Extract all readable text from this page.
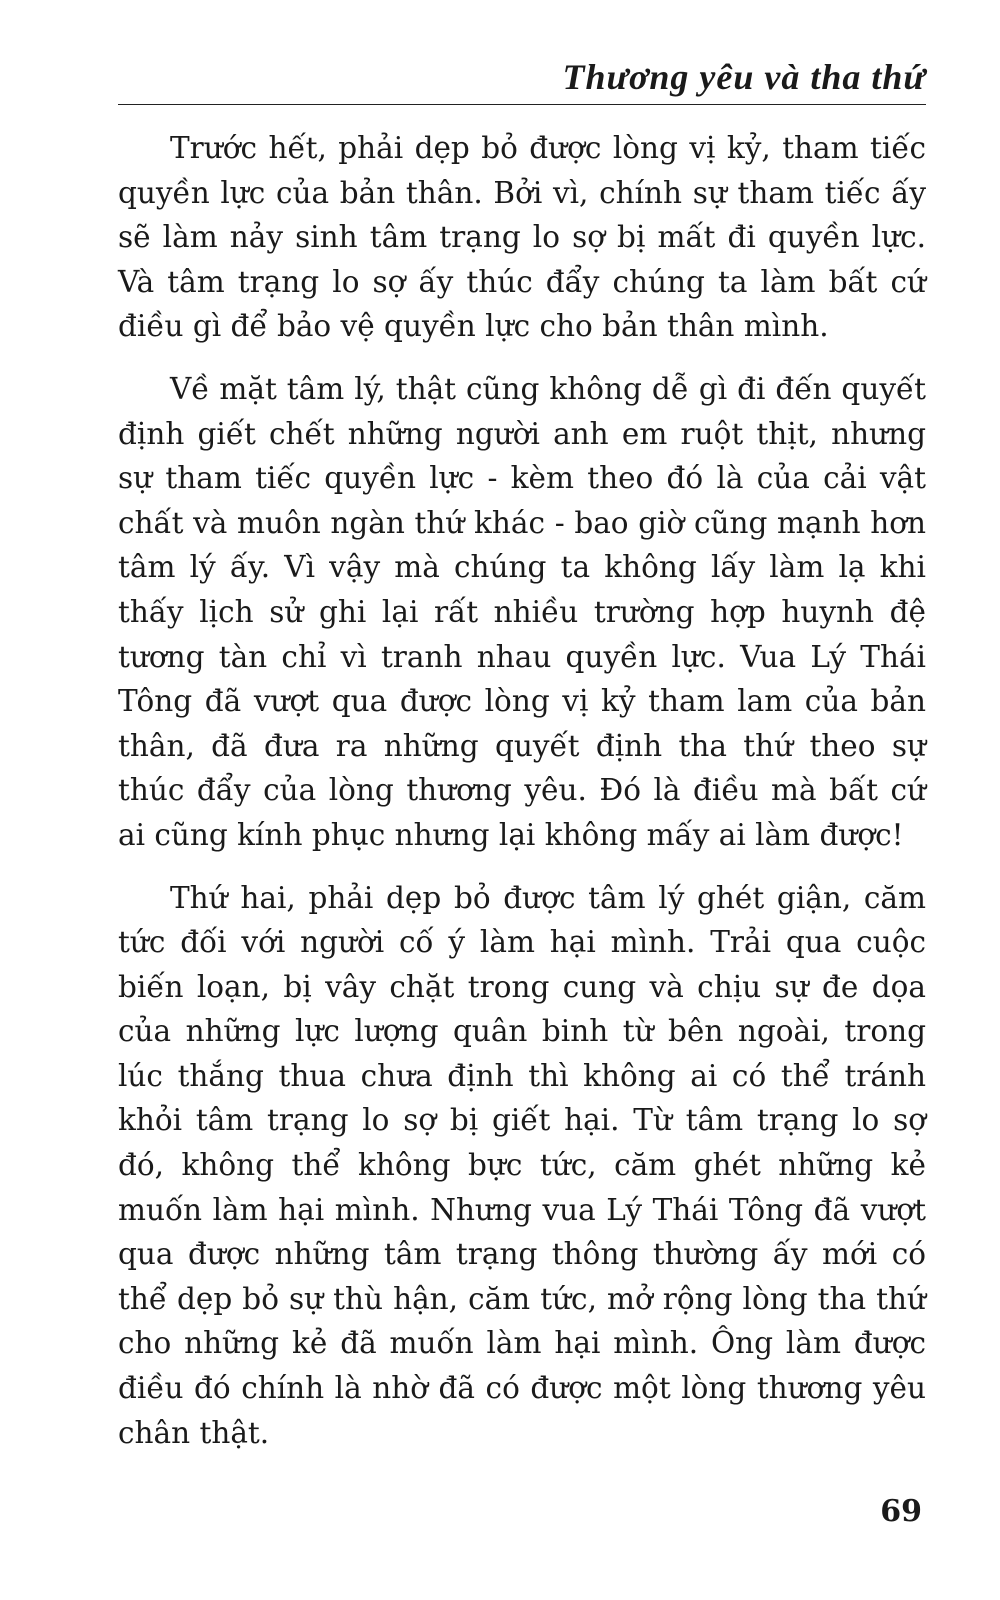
Thương yêu và tha thứ

Trước hết, phải dẹp bỏ được lòng vị kỷ, tham tiếc quyền lực của bản thân. Bởi vì, chính sự tham tiếc ấy sẽ làm nảy sinh tâm trạng lo sợ bị mất đi quyền lực. Và tâm trạng lo sợ ấy thúc đẩy chúng ta làm bất cứ điều gì để bảo vệ quyền lực cho bản thân mình.

Về mặt tâm lý, thật cũng không dễ gì đi đến quyết định giết chết những người anh em ruột thịt, nhưng sự tham tiếc quyền lực - kèm theo đó là của cải vật chất và muôn ngàn thứ khác - bao giờ cũng mạnh hơn tâm lý ấy. Vì vậy mà chúng ta không lấy làm lạ khi thấy lịch sử ghi lại rất nhiều trường hợp huynh đệ tương tàn chỉ vì tranh nhau quyền lực. Vua Lý Thái Tông đã vượt qua được lòng vị kỷ tham lam của bản thân, đã đưa ra những quyết định tha thứ theo sự thúc đẩy của lòng thương yêu. Đó là điều mà bất cứ ai cũng kính phục nhưng lại không mấy ai làm được!

Thứ hai, phải dẹp bỏ được tâm lý ghét giận, căm tức đối với người cố ý làm hại mình. Trải qua cuộc biến loạn, bị vây chặt trong cung và chịu sự đe dọa của những lực lượng quân binh từ bên ngoài, trong lúc thắng thua chưa định thì không ai có thể tránh khỏi tâm trạng lo sợ bị giết hại. Từ tâm trạng lo sợ đó, không thể không bực tức, căm ghét những kẻ muốn làm hại mình. Nhưng vua Lý Thái Tông đã vượt qua được những tâm trạng thông thường ấy mới có thể dẹp bỏ sự thù hận, căm tức, mở rộng lòng tha thứ cho những kẻ đã muốn làm hại mình. Ông làm được điều đó chính là nhờ đã có được một lòng thương yêu chân thật.

69
